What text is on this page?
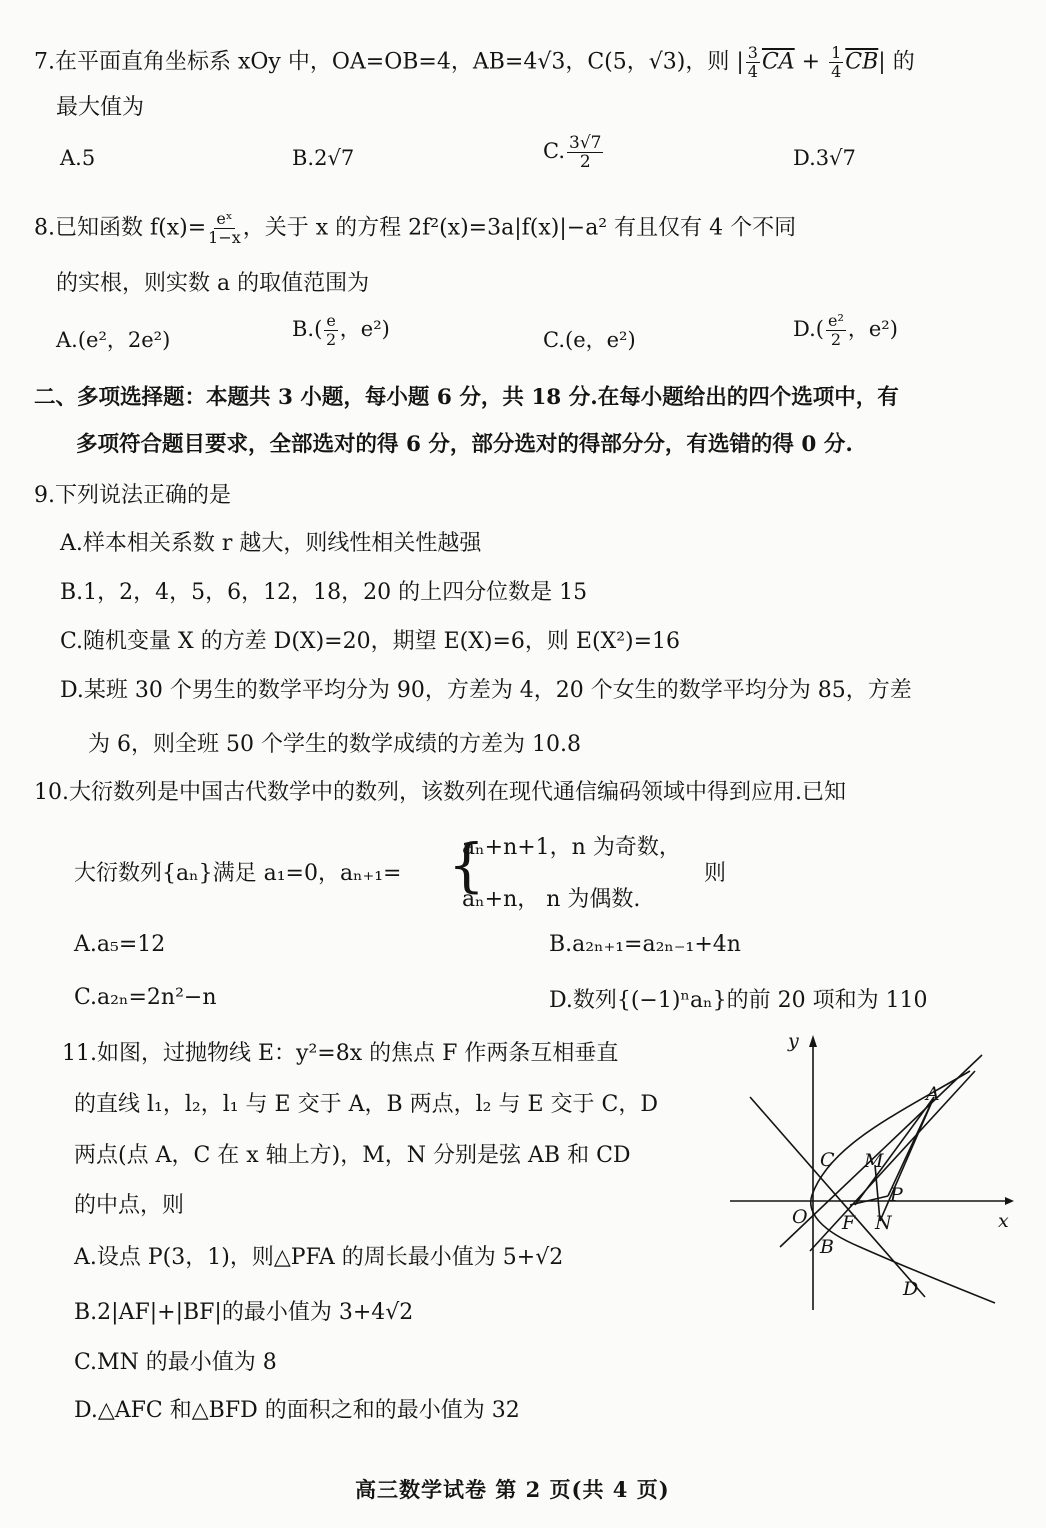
7.在平面直角坐标系 xOy 中，OA=OB=4，AB=4√3，C(5，√3)，则 | $\frac{3}{4} \overline{CA} + \frac{1}{4} \overline{CB}|$ 的
最大值为
A.5	B.2√7	C. $\frac{3√7}{2}$	D.3√7
8.已知函数 $f(x)= \frac{\text{eˣ}}{1-x}$ ，关于 x 的方程 2f²(x)=3a|f(x)|−a² 有且仅有 4 个不同
的实根，则实数 a 的取值范围为
A.(e²，2e²)	$B.( \frac{e}{2}$ ，e²)	C.(e，e²)	$D.( \frac{\text{e²}}{2}$ ，e²)
二、多项选择题：本题共 3 小题，每小题 6 分，共 18 分.在每小题给出的四个选项中，有
多项符合题目要求，全部选对的得 6 分，部分选对的得部分分，有选错的得 0 分.
9.下列说法正确的是
A.样本相关系数 r 越大，则线性相关性越强
B.1，2，4，5，6，12，18，20 的上四分位数是 15
C.随机变量 X 的方差 D(X)=20，期望 E(X)=6，则 E(X²)=16
D.某班 30 个男生的数学平均分为 90，方差为 4，20 个女生的数学平均分为 85，方差
为 6，则全班 50 个学生的数学成绩的方差为 10.8
10.大衍数列是中国古代数学中的数列，该数列在现代通信编码领域中得到应用.已知
大衍数列{aₙ}满足 a₁=0，aₙ₊₁= {
aₙ+n+1，n 为奇数，
aₙ+n， n 为偶数.
则
A.a₅=12	B.a₂ₙ₊₁=a₂ₙ₋₁+4n
C.a₂ₙ=2n²−n	D.数列{(−1)ⁿaₙ}的前 20 项和为 110
11.如图，过抛物线 E：y²=8x 的焦点 F 作两条互相垂直
的直线 l₁，l₂，l₁ 与 E 交于 A，B 两点，l₂ 与 E 交于 C，D
两点(点 A，C 在 x 轴上方)，M，N 分别是弦 AB 和 CD
的中点，则
A.设点 P(3，1)，则△PFA 的周长最小值为 5+√2
B.2|AF|+|BF|的最小值为 3+4√2
C.MN 的最小值为 8
D.△AFC 和△BFD 的面积之和的最小值为 32
y
x
O
A
B
C
D
F
M
N
P
高三数学试卷 第 2 页(共 4 页)
